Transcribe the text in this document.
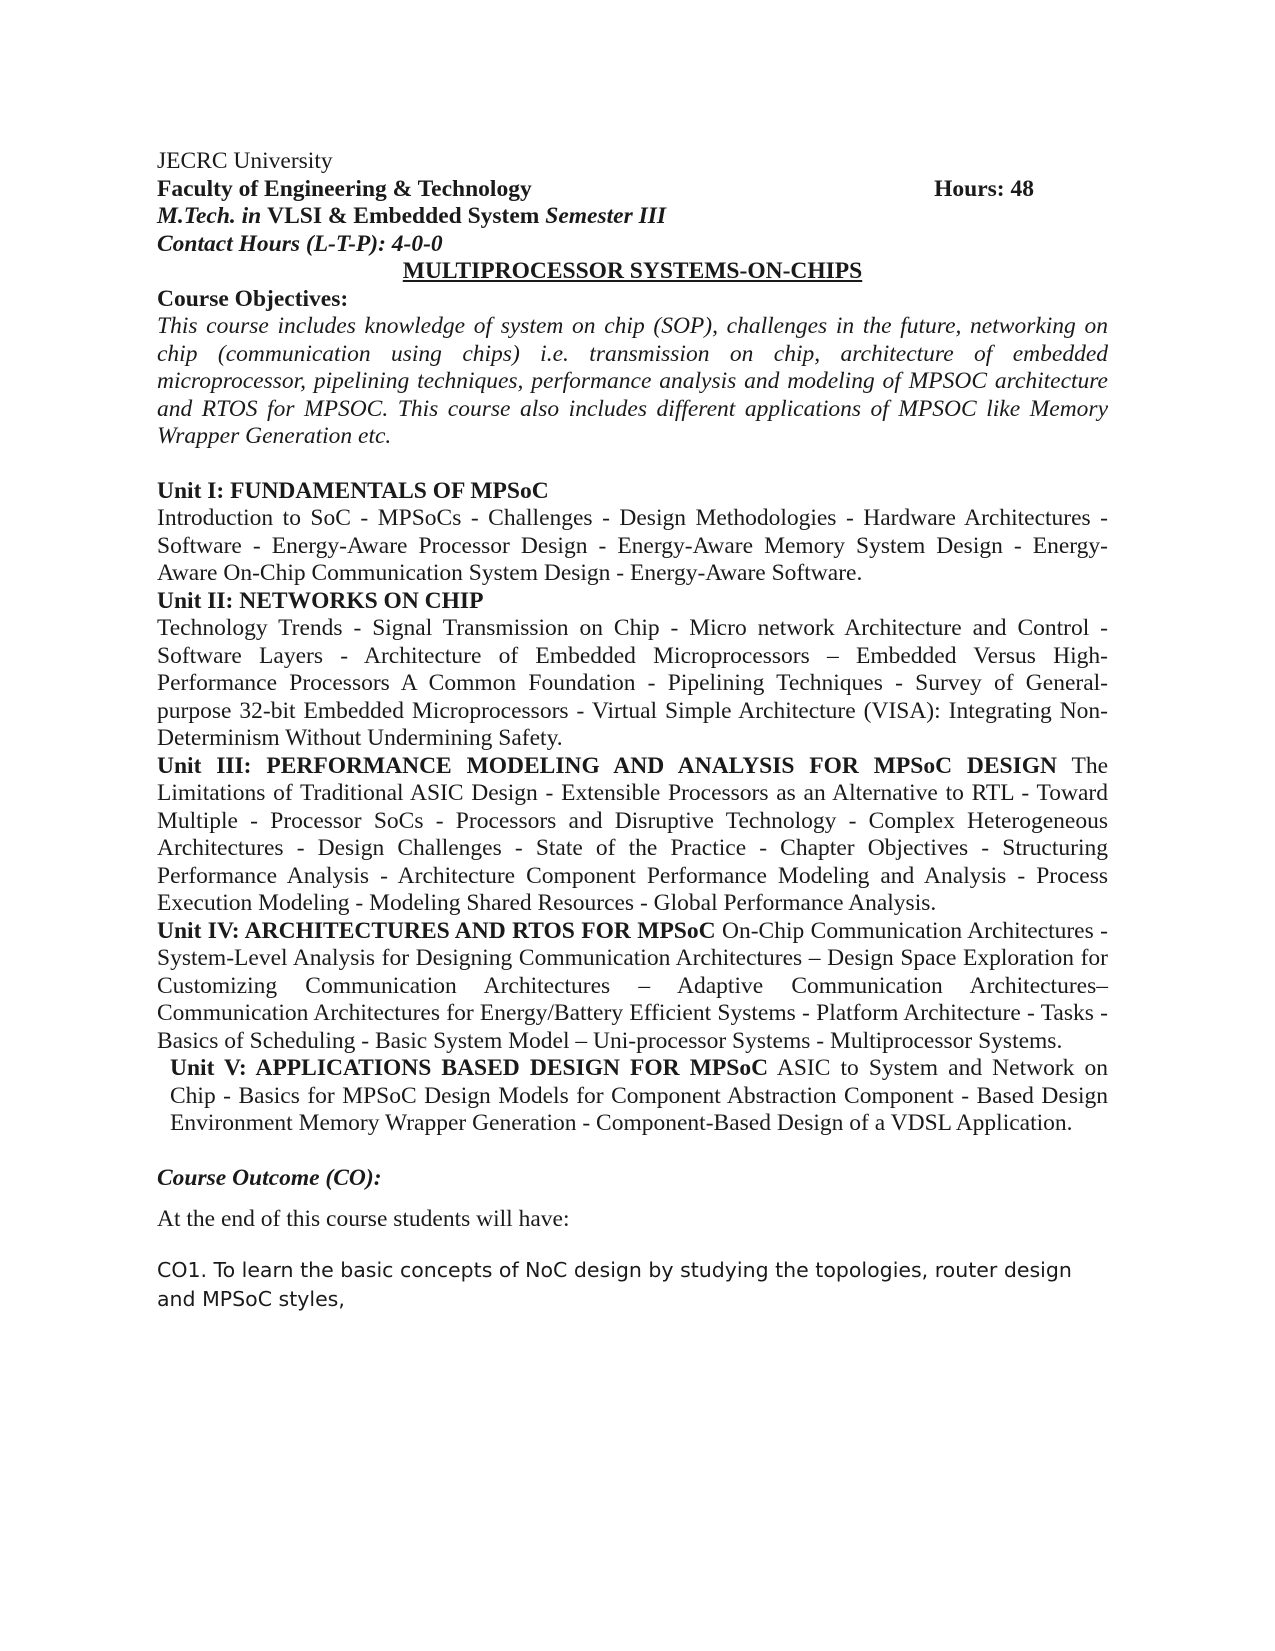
JECRC University
Faculty of Engineering & Technology	Hours: 48
M.Tech. in VLSI & Embedded System Semester III
Contact Hours (L-T-P): 4-0-0
MULTIPROCESSOR SYSTEMS-ON-CHIPS
Course Objectives:
This course includes knowledge of system on chip (SOP), challenges in the future, networking on chip (communication using chips) i.e. transmission on chip, architecture of embedded microprocessor, pipelining techniques, performance analysis and modeling of MPSOC architecture and RTOS for MPSOC. This course also includes different applications of MPSOC like Memory Wrapper Generation etc.
Unit I: FUNDAMENTALS OF MPSoC
Introduction to SoC - MPSoCs - Challenges - Design Methodologies - Hardware Architectures - Software - Energy-Aware Processor Design - Energy-Aware Memory System Design - Energy-Aware On-Chip Communication System Design - Energy-Aware Software.
Unit II: NETWORKS ON CHIP
Technology Trends - Signal Transmission on Chip - Micro network Architecture and Control - Software Layers - Architecture of Embedded Microprocessors – Embedded Versus High-Performance Processors A Common Foundation - Pipelining Techniques - Survey of General-purpose 32-bit Embedded Microprocessors - Virtual Simple Architecture (VISA): Integrating Non-Determinism Without Undermining Safety.
Unit III: PERFORMANCE MODELING AND ANALYSIS FOR MPSoC DESIGN The Limitations of Traditional ASIC Design - Extensible Processors as an Alternative to RTL - Toward Multiple - Processor SoCs - Processors and Disruptive Technology - Complex Heterogeneous Architectures - Design Challenges - State of the Practice - Chapter Objectives - Structuring Performance Analysis - Architecture Component Performance Modeling and Analysis - Process Execution Modeling - Modeling Shared Resources - Global Performance Analysis.
Unit IV: ARCHITECTURES AND RTOS FOR MPSoC On-Chip Communication Architectures - System-Level Analysis for Designing Communication Architectures – Design Space Exploration for Customizing Communication Architectures – Adaptive Communication Architectures– Communication Architectures for Energy/Battery Efficient Systems - Platform Architecture - Tasks - Basics of Scheduling - Basic System Model – Uni-processor Systems - Multiprocessor Systems.
Unit V: APPLICATIONS BASED DESIGN FOR MPSoC ASIC to System and Network on Chip - Basics for MPSoC Design Models for Component Abstraction Component - Based Design Environment Memory Wrapper Generation - Component-Based Design of a VDSL Application.
Course Outcome (CO):
At the end of this course students will have:
CO1. To learn the basic concepts of NoC design by studying the topologies, router design and MPSoC styles,
